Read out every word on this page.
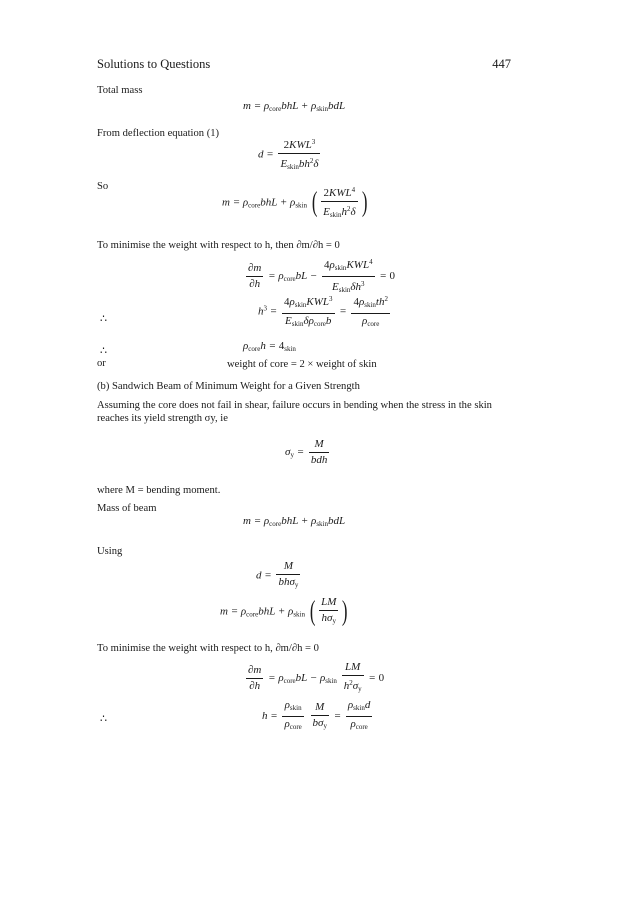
Solutions to Questions	447
Total mass
$m = \rho_{core}bhL + \rho_{skin}bdL$
From deflection equation (1)
$d = \frac{2KWL^3}{E_{skin}bh^2\delta}$
So
$m = \rho_{core}bhL + \rho_{skin}$ ( $\frac{2KWL^4}{E_{skin}h^2\delta}$ )
To minimise the weight with respect to h, then ∂m/∂h = 0
$\frac{\partial m}{\partial h} = \rho_{core}bL - \frac{4\rho_{skin}KWL^4}{E_{skin}\delta h^3} = 0$
∴
$h^3 = \frac{4\rho_{skin}KWL^3}{E_{skin}\delta\rho_{core}b} = \frac{4\rho_{skin}th^2}{\rho_{core}}$
∴	$\rho_{core}h = 4_{skin}$
or	weight of core = 2 × weight of skin
(b) Sandwich Beam of Minimum Weight for a Given Strength
Assuming the core does not fail in shear, failure occurs in bending when the stress in the skin reaches its yield strength σy, ie
$\sigma_y = \frac{M}{\text{bdh}}$
where M = bending moment.
Mass of beam
$m = \rho_{core}bhL + \rho_{skin}bdL$
Using
$d = \frac{M}{bh\sigma_y}$
$m = \rho_{core}bhL + \rho_{skin}$ ( $\frac{LM}{h\sigma_y}$ )
To minimise the weight with respect to h, ∂m/∂h = 0
$\frac{\partial m}{\partial h} = \rho_{core}bL - \rho_{skin} \frac{LM}{h^2\sigma_y} = 0$
∴	$h = \frac{\rho_{skin}}{\rho_{core}}$
$\frac{M}{b\sigma_y} = \frac{\rho_{skin}d}{\rho_{core}}$
